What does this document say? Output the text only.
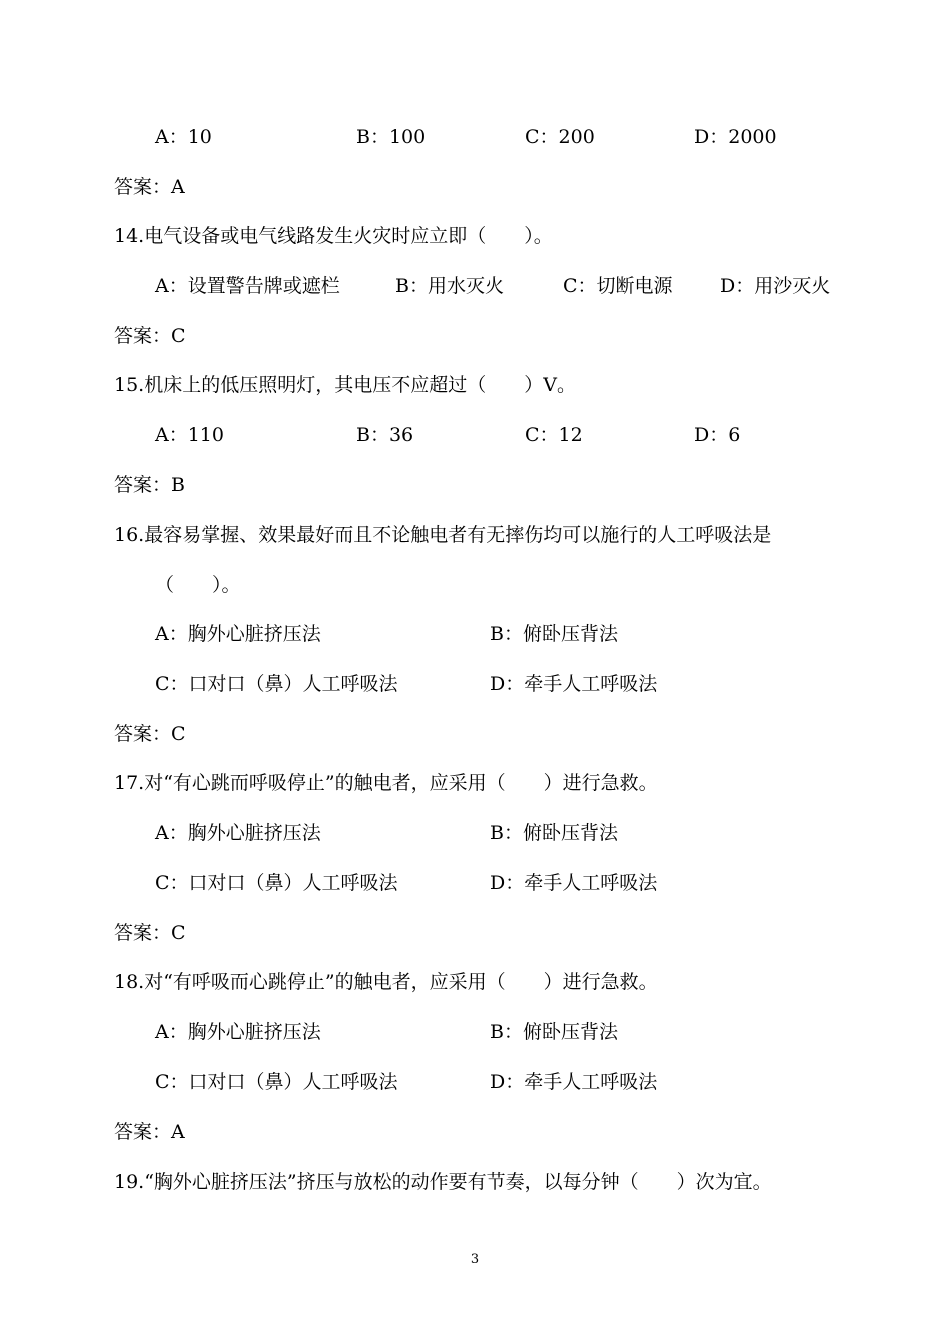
A：10	B：100	C：200	D：2000
答案：A
14.电气设备或电气线路发生火灾时应立即（　　）。
A：设置警告牌或遮栏	B：用水灭火	C：切断电源 D：用沙灭火
答案：C
15.机床上的低压照明灯，其电压不应超过（　　）V。
A：110	B：36	C：12	D：6
答案：B
16.最容易掌握、效果最好而且不论触电者有无摔伤均可以施行的人工呼吸法是
（　　）。
A：胸外心脏挤压法	B：俯卧压背法
C：口对口（鼻）人工呼吸法	D：牵手人工呼吸法
答案：C
17.对“有心跳而呼吸停止”的触电者，应采用（　　）进行急救。
A：胸外心脏挤压法	B：俯卧压背法
C：口对口（鼻）人工呼吸法	D：牵手人工呼吸法
答案：C
18.对“有呼吸而心跳停止”的触电者，应采用（　　）进行急救。
A：胸外心脏挤压法	B：俯卧压背法
C：口对口（鼻）人工呼吸法	D：牵手人工呼吸法
答案：A
19.“胸外心脏挤压法”挤压与放松的动作要有节奏，以每分钟（　　）次为宜。
3
